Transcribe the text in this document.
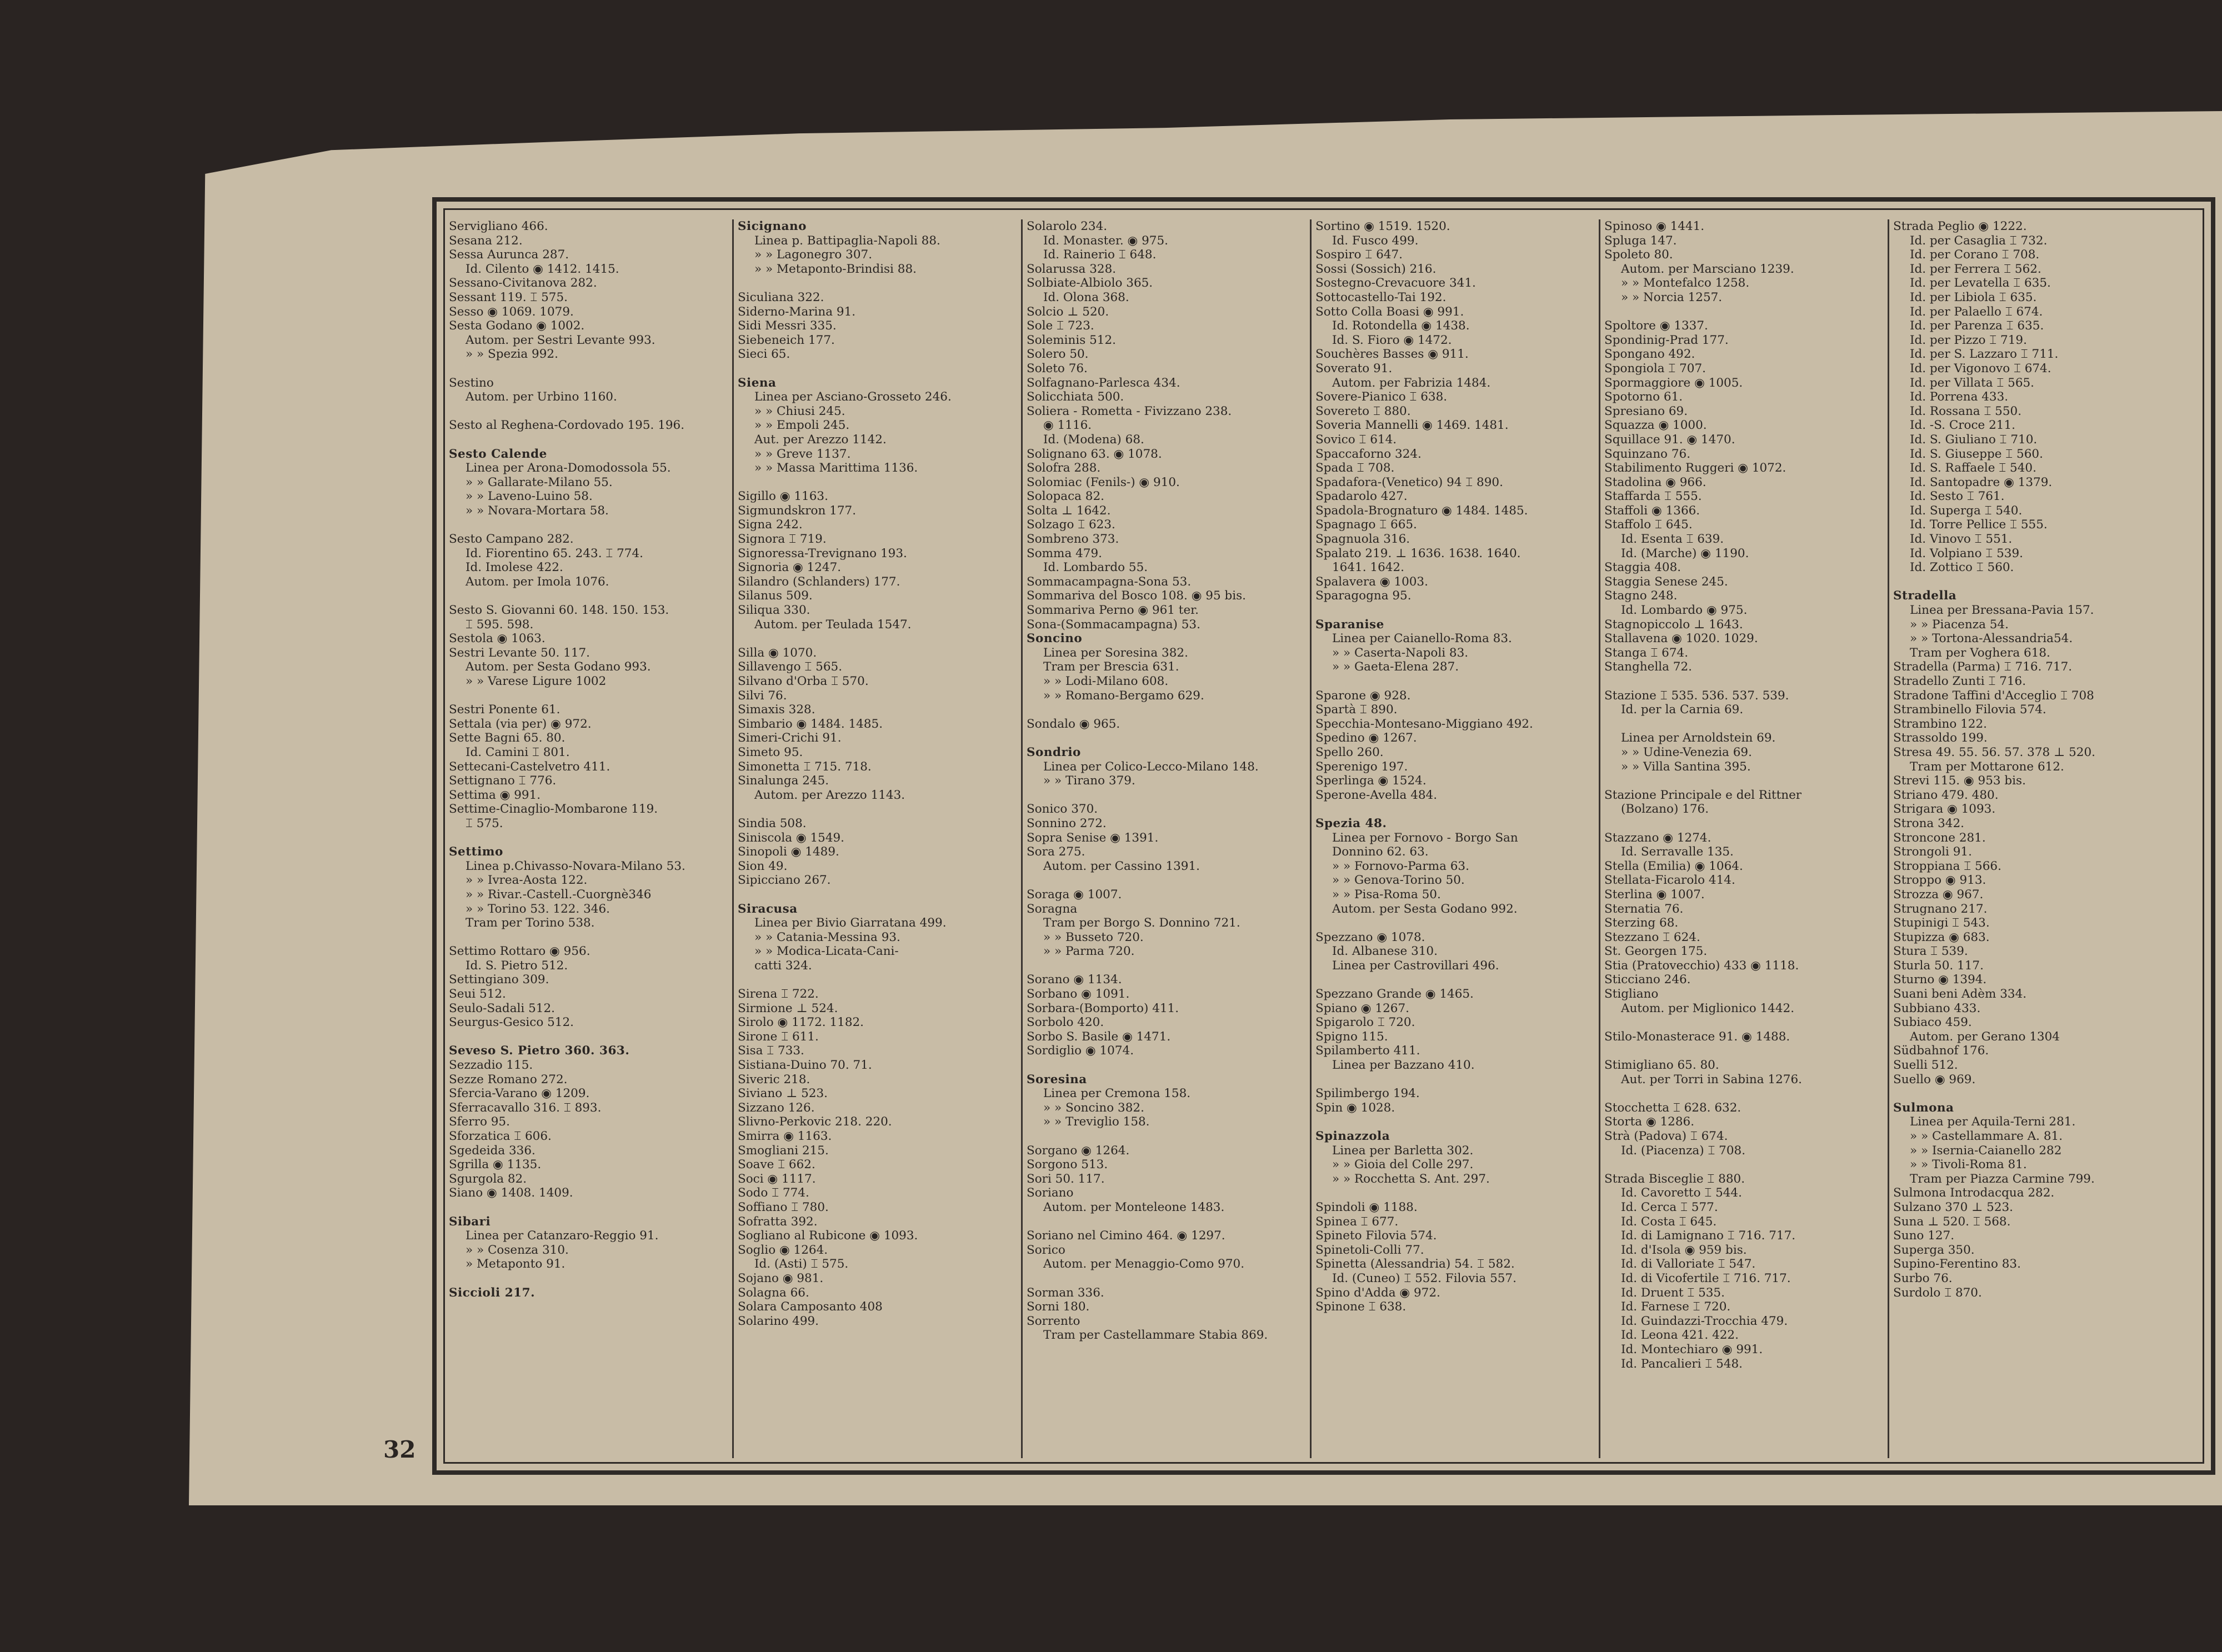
32
Servigliano 466.
Sesana 212.
Sessa Aurunca 287.
Id. Cilento ◉ 1412. 1415.
Sessano-Civitanova 282.
Sessant 119. ⌶ 575.
Sesso ◉ 1069. 1079.
Sesta Godano ◉ 1002.
Autom. per Sestri Levante 993.
» » Spezia 992.
Sestino
Autom. per Urbino 1160.
Sesto al Reghena-Cordovado 195. 196.
Sesto Calende
Linea per Arona-Domodossola 55.
» » Gallarate-Milano 55.
» » Laveno-Luino 58.
» » Novara-Mortara 58.
Sesto Campano 282.
Id. Fiorentino 65. 243. ⌶ 774.
Id. Imolese 422.
Autom. per Imola 1076.
Sesto S. Giovanni 60. 148. 150. 153.
⌶ 595. 598.
Sestola ◉ 1063.
Sestri Levante 50. 117.
Autom. per Sesta Godano 993.
» » Varese Ligure 1002
Sestri Ponente 61.
Settala (via per) ◉ 972.
Sette Bagni 65. 80.
Id. Camini ⌶ 801.
Settecani-Castelvetro 411.
Settignano ⌶ 776.
Settima ◉ 991.
Settime-Cinaglio-Mombarone 119.
⌶ 575.
Settimo
Linea p.Chivasso-Novara-Milano 53.
» » Ivrea-Aosta 122.
» » Rivar.-Castell.-Cuorgnè346
» » Torino 53. 122. 346.
Tram per Torino 538.
Settimo Rottaro ◉ 956.
Id. S. Pietro 512.
Settingiano 309.
Seui 512.
Seulo-Sadali 512.
Seurgus-Gesico 512.
Seveso S. Pietro 360. 363.
Sezzadio 115.
Sezze Romano 272.
Sfercia-Varano ◉ 1209.
Sferracavallo 316. ⌶ 893.
Sferro 95.
Sforzatica ⌶ 606.
Sgedeida 336.
Sgrilla ◉ 1135.
Sgurgola 82.
Siano ◉ 1408. 1409.
Sibari
Linea per Catanzaro-Reggio 91.
» » Cosenza 310.
» Metaponto 91.
Siccioli 217.
Sicignano
Linea p. Battipaglia-Napoli 88.
» » Lagonegro 307.
» » Metaponto-Brindisi 88.
Siculiana 322.
Siderno-Marina 91.
Sidi Messri 335.
Siebeneich 177.
Sieci 65.
Siena
Linea per Asciano-Grosseto 246.
» » Chiusi 245.
» » Empoli 245.
Aut. per Arezzo 1142.
» » Greve 1137.
» » Massa Marittima 1136.
Sigillo ◉ 1163.
Sigmundskron 177.
Signa 242.
Signora ⌶ 719.
Signoressa-Trevignano 193.
Signoria ◉ 1247.
Silandro (Schlanders) 177.
Silanus 509.
Siliqua 330.
Autom. per Teulada 1547.
Silla ◉ 1070.
Sillavengo ⌶ 565.
Silvano d'Orba ⌶ 570.
Silvi 76.
Simaxis 328.
Simbario ◉ 1484. 1485.
Simeri-Crichi 91.
Simeto 95.
Simonetta ⌶ 715. 718.
Sinalunga 245.
Autom. per Arezzo 1143.
Sindia 508.
Siniscola ◉ 1549.
Sinopoli ◉ 1489.
Sion 49.
Sipicciano 267.
Siracusa
Linea per Bivio Giarratana 499.
» » Catania-Messina 93.
» » Modica-Licata-Cani-
catti 324.
Sirena ⌶ 722.
Sirmione ⊥ 524.
Sirolo ◉ 1172. 1182.
Sirone ⌶ 611.
Sisa ⌶ 733.
Sistiana-Duino 70. 71.
Siveric 218.
Siviano ⊥ 523.
Sizzano 126.
Slivno-Perkovic 218. 220.
Smirra ◉ 1163.
Smogliani 215.
Soave ⌶ 662.
Soci ◉ 1117.
Sodo ⌶ 774.
Soffiano ⌶ 780.
Sofratta 392.
Sogliano al Rubicone ◉ 1093.
Soglio ◉ 1264.
Id. (Asti) ⌶ 575.
Sojano ◉ 981.
Solagna 66.
Solara Camposanto 408
Solarino 499.
Solarolo 234.
Id. Monaster. ◉ 975.
Id. Rainerio ⌶ 648.
Solarussa 328.
Solbiate-Albiolo 365.
Id. Olona 368.
Solcio ⊥ 520.
Sole ⌶ 723.
Soleminis 512.
Solero 50.
Soleto 76.
Solfagnano-Parlesca 434.
Solicchiata 500.
Soliera - Rometta - Fivizzano 238.
◉ 1116.
Id. (Modena) 68.
Solignano 63. ◉ 1078.
Solofra 288.
Solomiac (Fenils-) ◉ 910.
Solopaca 82.
Solta ⊥ 1642.
Solzago ⌶ 623.
Sombreno 373.
Somma 479.
Id. Lombardo 55.
Sommacampagna-Sona 53.
Sommariva del Bosco 108. ◉ 95 bis.
Sommariva Perno ◉ 961 ter.
Sona-(Sommacampagna) 53.
Soncino
Linea per Soresina 382.
Tram per Brescia 631.
» » Lodi-Milano 608.
» » Romano-Bergamo 629.
Sondalo ◉ 965.
Sondrio
Linea per Colico-Lecco-Milano 148.
» » Tirano 379.
Sonico 370.
Sonnino 272.
Sopra Senise ◉ 1391.
Sora 275.
Autom. per Cassino 1391.
Soraga ◉ 1007.
Soragna
Tram per Borgo S. Donnino 721.
» » Busseto 720.
» » Parma 720.
Sorano ◉ 1134.
Sorbano ◉ 1091.
Sorbara-(Bomporto) 411.
Sorbolo 420.
Sorbo S. Basile ◉ 1471.
Sordiglio ◉ 1074.
Soresina
Linea per Cremona 158.
» » Soncino 382.
» » Treviglio 158.
Sorgano ◉ 1264.
Sorgono 513.
Sori 50. 117.
Soriano
Autom. per Monteleone 1483.
Soriano nel Cimino 464. ◉ 1297.
Sorico
Autom. per Menaggio-Como 970.
Sorman 336.
Sorni 180.
Sorrento
Tram per Castellammare Stabia 869.
Sortino ◉ 1519. 1520.
Id. Fusco 499.
Sospiro ⌶ 647.
Sossi (Sossich) 216.
Sostegno-Crevacuore 341.
Sottocastello-Tai 192.
Sotto Colla Boasi ◉ 991.
Id. Rotondella ◉ 1438.
Id. S. Fioro ◉ 1472.
Souchères Basses ◉ 911.
Soverato 91.
Autom. per Fabrizia 1484.
Sovere-Pianico ⌶ 638.
Sovereto ⌶ 880.
Soveria Mannelli ◉ 1469. 1481.
Sovico ⌶ 614.
Spaccaforno 324.
Spada ⌶ 708.
Spadafora-(Venetico) 94 ⌶ 890.
Spadarolo 427.
Spadola-Brognaturo ◉ 1484. 1485.
Spagnago ⌶ 665.
Spagnuola 316.
Spalato 219. ⊥ 1636. 1638. 1640.
1641. 1642.
Spalavera ◉ 1003.
Sparagogna 95.
Sparanise
Linea per Caianello-Roma 83.
» » Caserta-Napoli 83.
» » Gaeta-Elena 287.
Sparone ◉ 928.
Spartà ⌶ 890.
Specchia-Montesano-Miggiano 492.
Spedino ◉ 1267.
Spello 260.
Sperenigo 197.
Sperlinga ◉ 1524.
Sperone-Avella 484.
Spezia 48.
Linea per Fornovo - Borgo San
Donnino 62. 63.
» » Fornovo-Parma 63.
» » Genova-Torino 50.
» » Pisa-Roma 50.
Autom. per Sesta Godano 992.
Spezzano ◉ 1078.
Id. Albanese 310.
Linea per Castrovillari 496.
Spezzano Grande ◉ 1465.
Spiano ◉ 1267.
Spigarolo ⌶ 720.
Spigno 115.
Spilamberto 411.
Linea per Bazzano 410.
Spilimbergo 194.
Spin ◉ 1028.
Spinazzola
Linea per Barletta 302.
» » Gioia del Colle 297.
» » Rocchetta S. Ant. 297.
Spindoli ◉ 1188.
Spinea ⌶ 677.
Spineto Filovia 574.
Spinetoli-Colli 77.
Spinetta (Alessandria) 54. ⌶ 582.
Id. (Cuneo) ⌶ 552. Filovia 557.
Spino d'Adda ◉ 972.
Spinone ⌶ 638.
Spinoso ◉ 1441.
Spluga 147.
Spoleto 80.
Autom. per Marsciano 1239.
» » Montefalco 1258.
» » Norcia 1257.
Spoltore ◉ 1337.
Spondinig-Prad 177.
Spongano 492.
Spongiola ⌶ 707.
Spormaggiore ◉ 1005.
Spotorno 61.
Spresiano 69.
Squazza ◉ 1000.
Squillace 91. ◉ 1470.
Squinzano 76.
Stabilimento Ruggeri ◉ 1072.
Stadolina ◉ 966.
Staffarda ⌶ 555.
Staffoli ◉ 1366.
Staffolo ⌶ 645.
Id. Esenta ⌶ 639.
Id. (Marche) ◉ 1190.
Staggia 408.
Staggia Senese 245.
Stagno 248.
Id. Lombardo ◉ 975.
Stagnopiccolo ⊥ 1643.
Stallavena ◉ 1020. 1029.
Stanga ⌶ 674.
Stanghella 72.
Stazione ⌶ 535. 536. 537. 539.
Id. per la Carnia 69.
Linea per Arnoldstein 69.
» » Udine-Venezia 69.
» » Villa Santina 395.
Stazione Principale e del Rittner
(Bolzano) 176.
Stazzano ◉ 1274.
Id. Serravalle 135.
Stella (Emilia) ◉ 1064.
Stellata-Ficarolo 414.
Sterlina ◉ 1007.
Sternatia 76.
Sterzing 68.
Stezzano ⌶ 624.
St. Georgen 175.
Stia (Pratovecchio) 433 ◉ 1118.
Sticciano 246.
Stigliano
Autom. per Miglionico 1442.
Stilo-Monasterace 91. ◉ 1488.
Stimigliano 65. 80.
Aut. per Torri in Sabina 1276.
Stocchetta ⌶ 628. 632.
Storta ◉ 1286.
Strà (Padova) ⌶ 674.
Id. (Piacenza) ⌶ 708.
Strada Bisceglie ⌶ 880.
Id. Cavoretto ⌶ 544.
Id. Cerca ⌶ 577.
Id. Costa ⌶ 645.
Id. di Lamignano ⌶ 716. 717.
Id. d'Isola ◉ 959 bis.
Id. di Valloriate ⌶ 547.
Id. di Vicofertile ⌶ 716. 717.
Id. Druent ⌶ 535.
Id. Farnese ⌶ 720.
Id. Guindazzi-Trocchia 479.
Id. Leona 421. 422.
Id. Montechiaro ◉ 991.
Id. Pancalieri ⌶ 548.
Strada Peglio ◉ 1222.
Id. per Casaglia ⌶ 732.
Id. per Corano ⌶ 708.
Id. per Ferrera ⌶ 562.
Id. per Levatella ⌶ 635.
Id. per Libiola ⌶ 635.
Id. per Palaello ⌶ 674.
Id. per Parenza ⌶ 635.
Id. per Pizzo ⌶ 719.
Id. per S. Lazzaro ⌶ 711.
Id. per Vigonovo ⌶ 674.
Id. per Villata ⌶ 565.
Id. Porrena 433.
Id. Rossana ⌶ 550.
Id. -S. Croce 211.
Id. S. Giuliano ⌶ 710.
Id. S. Giuseppe ⌶ 560.
Id. S. Raffaele ⌶ 540.
Id. Santopadre ◉ 1379.
Id. Sesto ⌶ 761.
Id. Superga ⌶ 540.
Id. Torre Pellice ⌶ 555.
Id. Vinovo ⌶ 551.
Id. Volpiano ⌶ 539.
Id. Zottico ⌶ 560.
Stradella
Linea per Bressana-Pavia 157.
» » Piacenza 54.
» » Tortona-Alessandria54.
Tram per Voghera 618.
Stradella (Parma) ⌶ 716. 717.
Stradello Zunti ⌶ 716.
Stradone Taffini d'Acceglio ⌶ 708
Strambinello Filovia 574.
Strambino 122.
Strassoldo 199.
Stresa 49. 55. 56. 57. 378 ⊥ 520.
Tram per Mottarone 612.
Strevi 115. ◉ 953 bis.
Striano 479. 480.
Strigara ◉ 1093.
Strona 342.
Stroncone 281.
Strongoli 91.
Stroppiana ⌶ 566.
Stroppo ◉ 913.
Strozza ◉ 967.
Strugnano 217.
Stupinigi ⌶ 543.
Stupizza ◉ 683.
Stura ⌶ 539.
Sturla 50. 117.
Sturno ◉ 1394.
Suani beni Adèm 334.
Subbiano 433.
Subiaco 459.
Autom. per Gerano 1304
Südbahnof 176.
Suelli 512.
Suello ◉ 969.
Sulmona
Linea per Aquila-Terni 281.
» » Castellammare A. 81.
» » Isernia-Caianello 282
» » Tivoli-Roma 81.
Tram per Piazza Carmine 799.
Sulmona Introdacqua 282.
Sulzano 370 ⊥ 523.
Suna ⊥ 520. ⌶ 568.
Suno 127.
Superga 350.
Supino-Ferentino 83.
Surbo 76.
Surdolo ⌶ 870.
